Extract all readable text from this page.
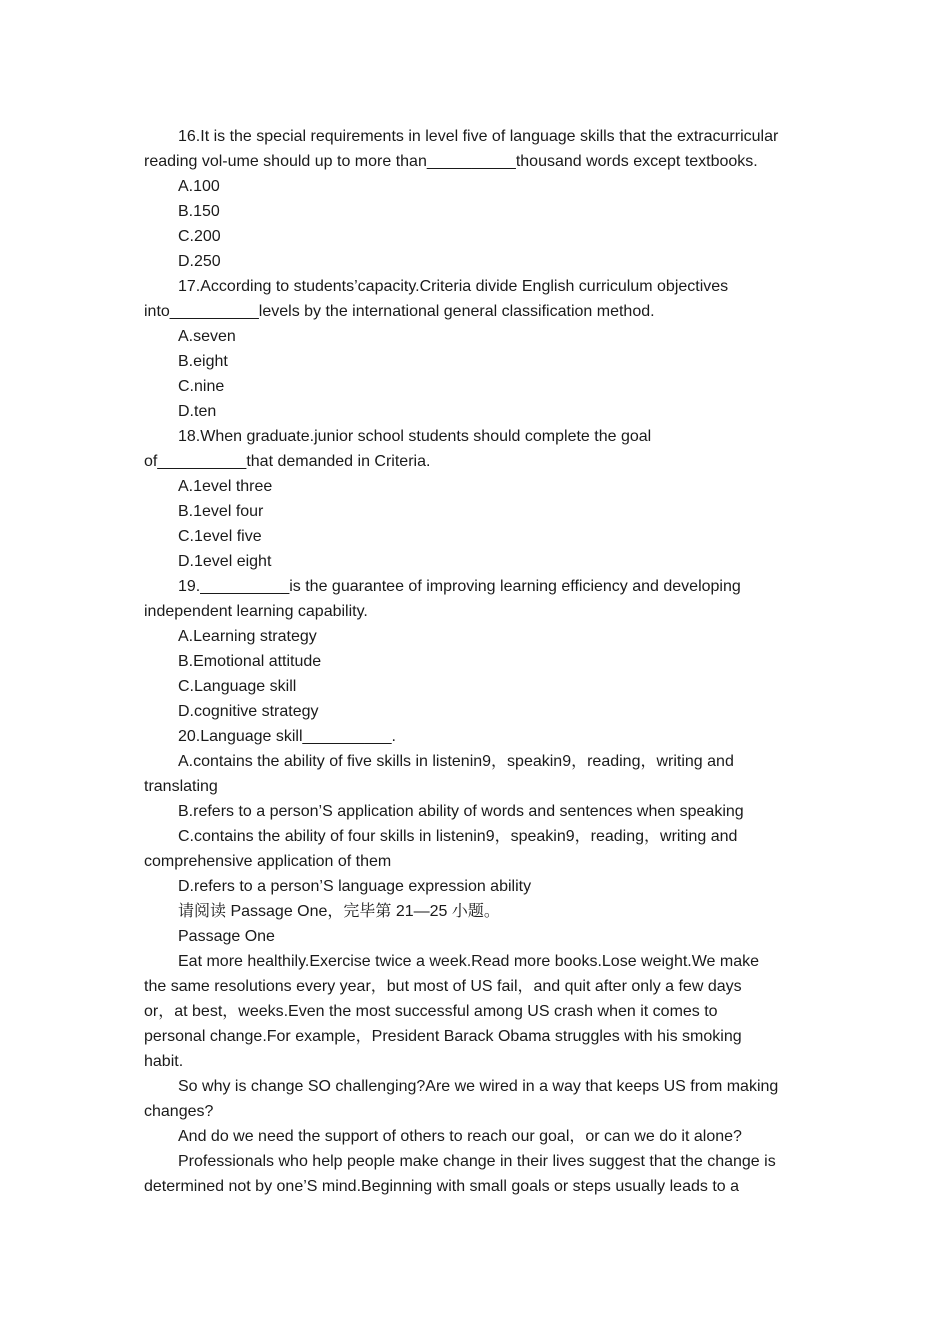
16.It is the special requirements in level five of language skills that the extracurricular

reading vol-ume should up to more than__________thousand words except textbooks.

A.100

B.150

C.200

D.250

17.According to students’capacity.Criteria divide English curriculum objectives

into__________levels by the international general classification method.

A.seven

B.eight

C.nine

D.ten

18.When graduate.junior school students should complete the goal

of__________that demanded in Criteria.

A.1evel three

B.1evel four

C.1evel five

D.1evel eight

19.__________is the guarantee of improving learning efficiency and developing

independent learning capability.

A.Learning strategy

B.Emotional attitude

C.Language skill

D.cognitive strategy

20.Language skill__________.

A.contains the ability of five skills in listenin9，speakin9，reading，writing and

translating

B.refers to a person’S application ability of words and sentences when speaking

C.contains the ability of four skills in listenin9，speakin9，reading，writing and

comprehensive application of them

D.refers to a person’S language expression ability

请阅读 Passage One，完毕第 21—25 小题。

Passage One

Eat more healthily.Exercise twice a week.Read more books.Lose weight.We make

the same resolutions every year，but most of US fail，and quit after only a few days

or，at best，weeks.Even the most successful among US crash when it comes to

personal change.For example，President Barack Obama struggles with his smoking

habit.

So why is change SO challenging?Are we wired in a way that keeps US from making

changes?

And do we need the support of others to reach our goal，or can we do it alone?

Professionals who help people make change in their lives suggest that the change is

determined not by one’S mind.Beginning with small goals or steps usually leads to a
